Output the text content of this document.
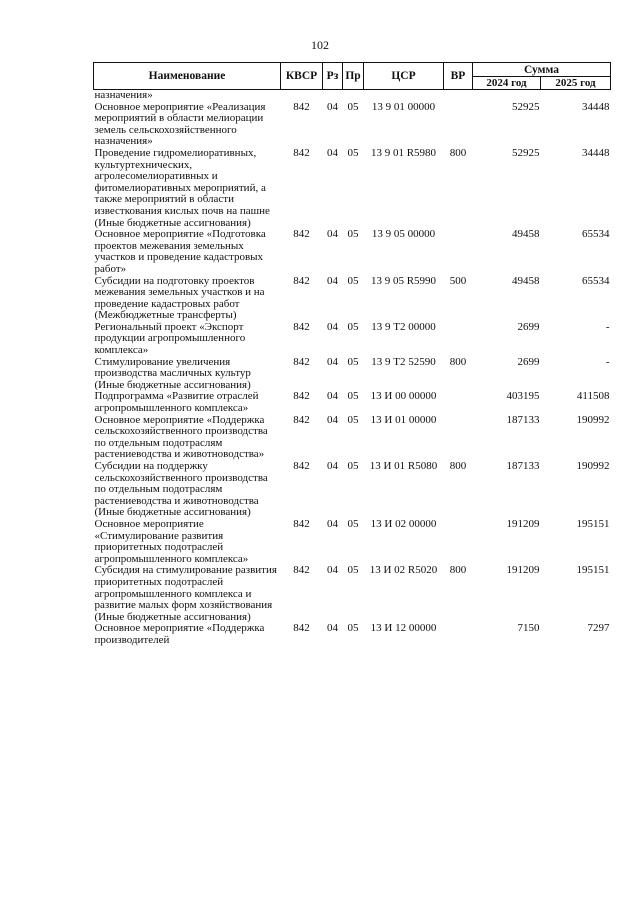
102
Наименование	КВСР	Рз	Пр	ЦСР	ВР	Сумма	
						2024 год	2025 год
назначения»							
Основное мероприятие «Реализация мероприятий в области мелиорации земель сельскохозяйственного назначения»	842	04	05	13 9 01 00000		52925	34448
Проведение гидромелиоративных, культуртехнических, агролесомелиоративных и фитомелиоративных мероприятий, а также мероприятий в области известкования кислых почв на пашне (Иные бюджетные ассигнования)	842	04	05	13 9 01 R5980	800	52925	34448
Основное мероприятие «Подготовка проектов межевания земельных участков и проведение кадастровых работ»	842	04	05	13 9 05 00000		49458	65534
Субсидии на подготовку проектов межевания земельных участков и на проведение кадастровых работ (Межбюджетные трансферты)	842	04	05	13 9 05 R5990	500	49458	65534
Региональный проект «Экспорт продукции агропромышленного комплекса»	842	04	05	13 9 Т2 00000		2699	-
Стимулирование увеличения производства масличных культур (Иные бюджетные ассигнования)	842	04	05	13 9 Т2 52590	800	2699	-
Подпрограмма «Развитие отраслей агропромышленного комплекса»	842	04	05	13 И 00 00000		403195	411508
Основное мероприятие «Поддержка сельскохозяйственного производства по отдельным подотраслям растениеводства и животноводства»	842	04	05	13 И 01 00000		187133	190992
Субсидии на поддержку сельскохозяйственного производства по отдельным подотраслям растениеводства и животноводства (Иные бюджетные ассигнования)	842	04	05	13 И 01 R5080	800	187133	190992
Основное мероприятие «Стимулирование развития приоритетных подотраслей агропромышленного комплекса»	842	04	05	13 И 02 00000		191209	195151
Субсидия на стимулирование развития приоритетных подотраслей агропромышленного комплекса и развитие малых форм хозяйствования (Иные бюджетные ассигнования)	842	04	05	13 И 02 R5020	800	191209	195151
Основное мероприятие «Поддержка производителей	842	04	05	13 И 12 00000		7150	7297
